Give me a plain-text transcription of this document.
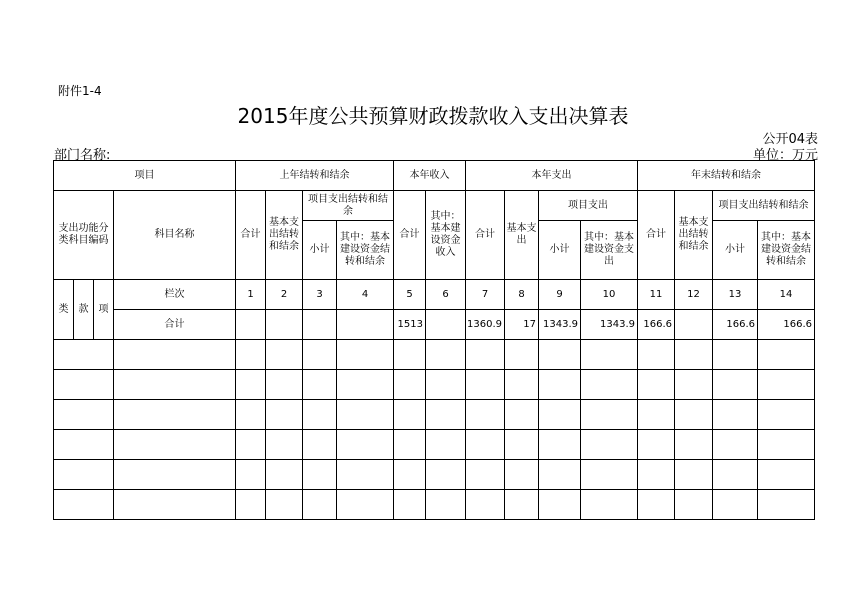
附件1-4
2015年度公共预算财政拨款收入支出决算表
公开04表
部门名称:	单位：万元
项目				上年结转和结余				本年收入		本年支出				年末结转和结余			
支出功能分类科目编码			科目名称	合计	基本支出结转和结余	项目支出结转和结余		合计	其中：基本建设资金收入	合计	基本支出	项目支出		合计	基本支出结转和结余	项目支出结转和结余	
						小计	其中：基本建设资金结转和结余					小计	其中：基本建设资金支出			小计	其中：基本建设资金结转和结余
类	款	项	栏次	1	2	3	4	5	6	7	8	9	10	11	12	13	14
			合计					1513		1360.9	17	1343.9	1343.9	166.6		166.6	166.6
